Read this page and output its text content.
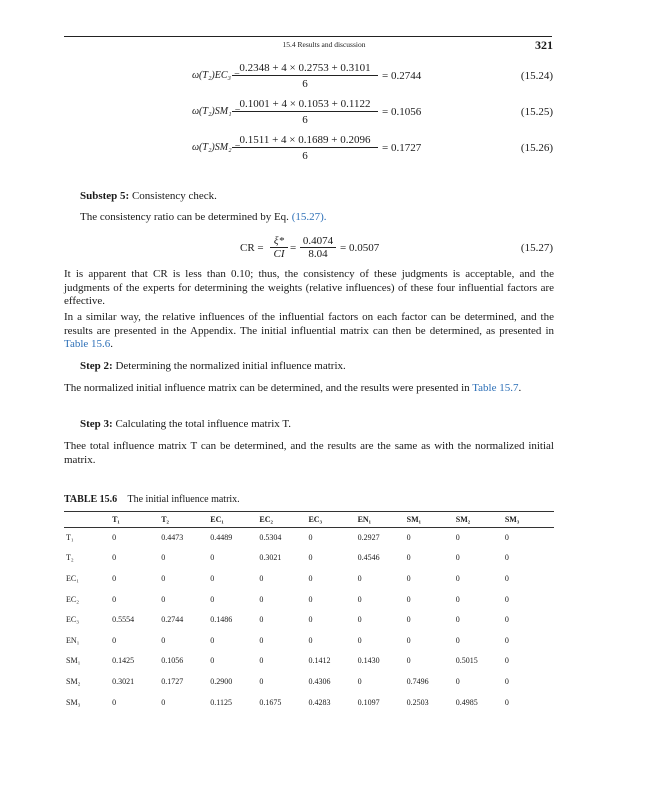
15.4 Results and discussion	321
ω(T₂)EC₃ =
$\frac{0.2348 + 4 \times 0.2753 + 0.3101}{6} = 0.2744$	(15.24)
ω(T₂)SM₁ =
$\frac{0.1001 + 4 \times 0.1053 + 0.1122}{6} = 0.1056$	(15.25)
ω(T₂)SM₂ =
$\frac{0.1511 + 4 \times 0.1689 + 0.2096}{6} = 0.1727$	(15.26)
Substep 5: Consistency check.
The consistency ratio can be determined by Eq. (15.27).
CR =
ξ*
CI =
0.4074
8.04	= 0.0507	(15.27)
It is apparent that CR is less than 0.10; thus, the consistency of these judgments is acceptable, and the judgments of the experts for determining the weights (relative influences) of these four influential factors are effective.
In a similar way, the relative influences of the influential factors on each factor can be determined, and the results are presented in the Appendix. The initial influential matrix can then be determined, as presented in Table 15.6.
Step 2: Determining the normalized initial influence matrix.
The normalized initial influence matrix can be determined, and the results were presented in Table 15.7.
Step 3: Calculating the total influence matrix T.
Thee total influence matrix T can be determined, and the results are the same as with the normalized initial matrix.
TABLE 15.6 The initial influence matrix.
	T₁	T₂	EC₁	EC₂	EC₃	EN₁	SM₁	SM₂	SM₃
T₁	0	0.4473	0.4489	0.5304	0	0.2927	0	0	0
T₂	0	0	0	0.3021	0	0.4546	0	0	0
EC₁	0	0	0	0	0	0	0	0	0
EC₂	0	0	0	0	0	0	0	0	0
EC₃	0.5554	0.2744	0.1486	0	0	0	0	0	0
EN₁	0	0	0	0	0	0	0	0	0
SM₁	0.1425	0.1056	0	0	0.1412	0.1430	0	0.5015	0
SM₂	0.3021	0.1727	0.2900	0	0.4306	0	0.7496	0	0
SM₃	0	0	0.1125	0.1675	0.4283	0.1097	0.2503	0.4985	0
